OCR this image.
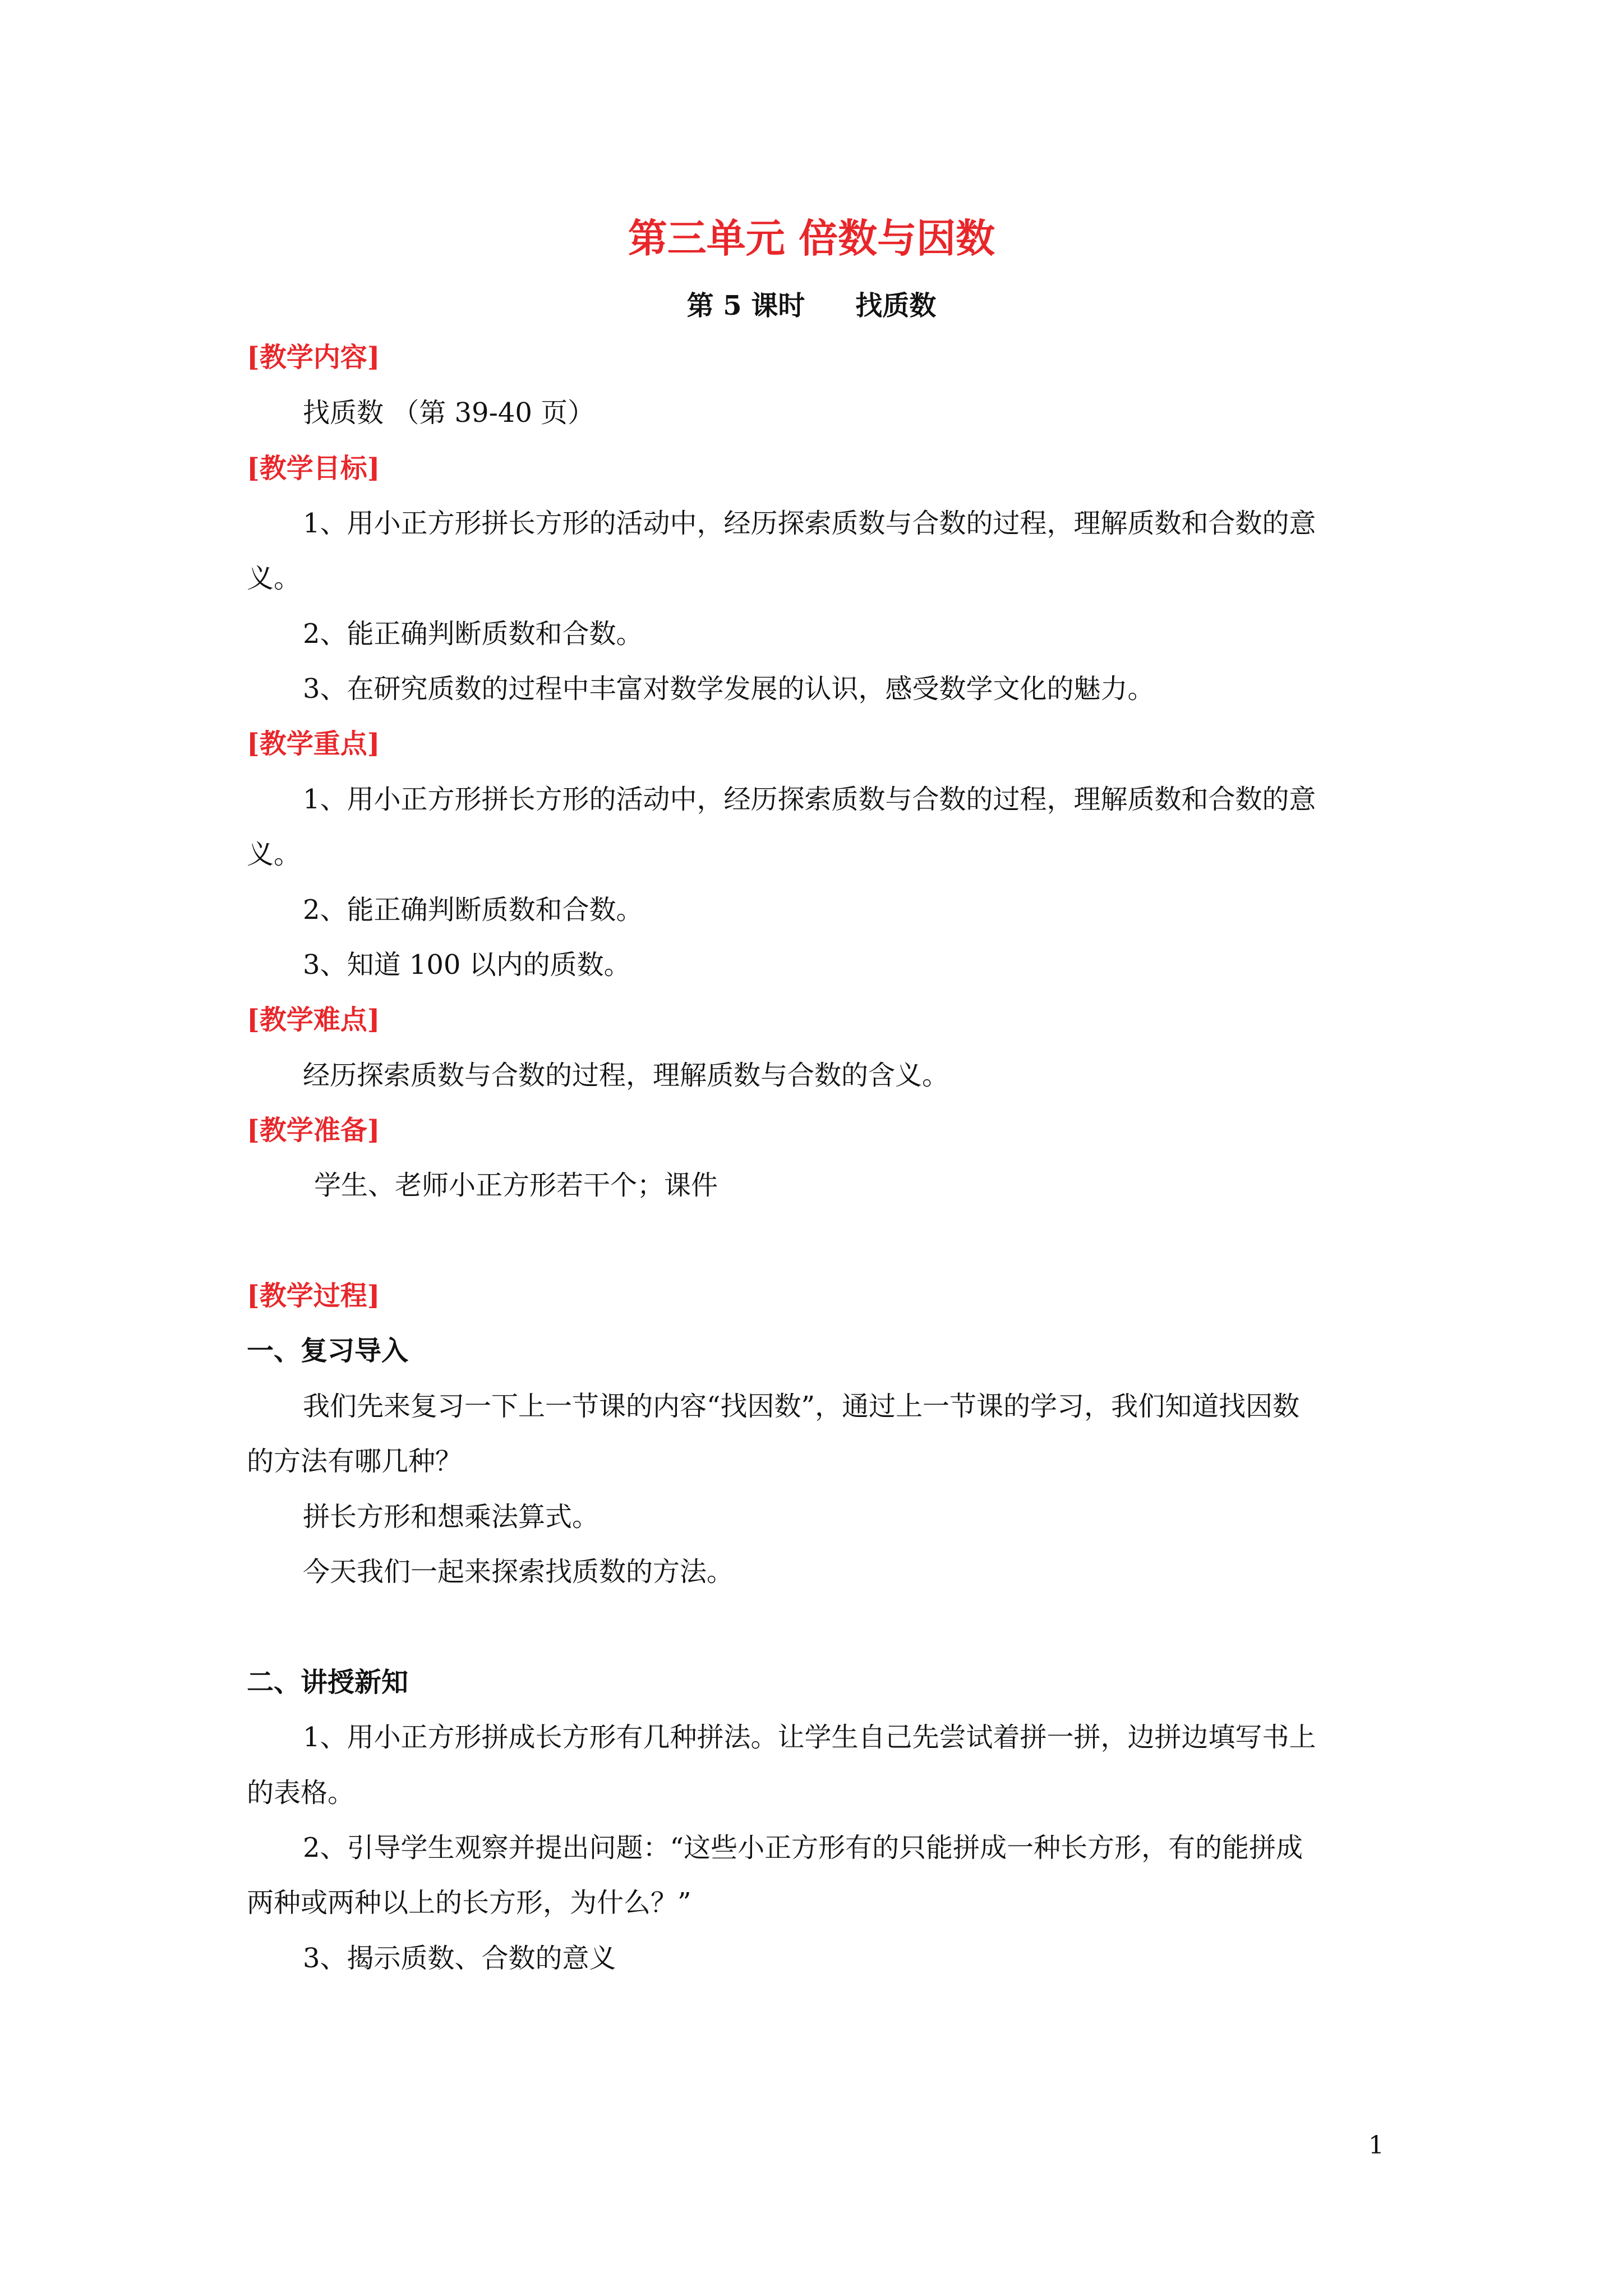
第三单元 倍数与因数
第 5 课时 找质数
[教学内容]
找质数 （第 39-40 页）
[教学目标]
1、用小正方形拼长方形的活动中，经历探索质数与合数的过程，理解质数和合数的意
义。
2、能正确判断质数和合数。
3、在研究质数的过程中丰富对数学发展的认识，感受数学文化的魅力。
[教学重点]
1、用小正方形拼长方形的活动中，经历探索质数与合数的过程，理解质数和合数的意
义。
2、能正确判断质数和合数。
3、知道 100 以内的质数。
[教学难点]
经历探索质数与合数的过程，理解质数与合数的含义。
[教学准备]
学生、老师小正方形若干个；课件
[教学过程]
一、复习导入
我们先来复习一下上一节课的内容“找因数”，通过上一节课的学习，我们知道找因数
的方法有哪几种？
拼长方形和想乘法算式。
今天我们一起来探索找质数的方法。
二、讲授新知
1、用小正方形拼成长方形有几种拼法。让学生自己先尝试着拼一拼，边拼边填写书上
的表格。
2、引导学生观察并提出问题：“这些小正方形有的只能拼成一种长方形，有的能拼成
两种或两种以上的长方形，为什么？”
3、揭示质数、合数的意义
1
